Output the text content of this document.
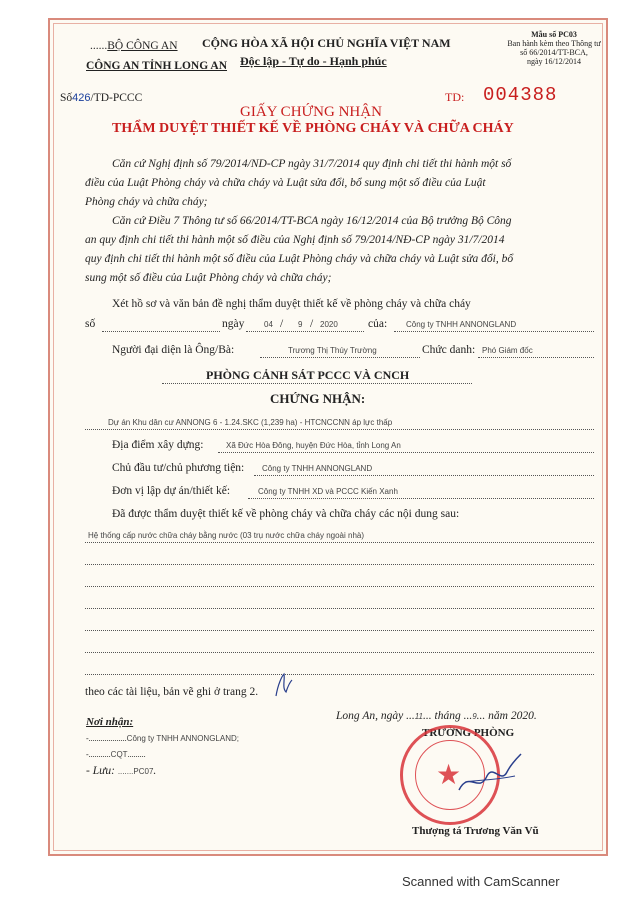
......BỘ CÔNG AN
CÔNG AN TỈNH LONG AN
Số426/TD-PCCC
CỘNG HÒA XÃ HỘI CHỦ NGHĨA VIỆT NAM
Độc lập - Tự do - Hạnh phúc
Mẫu số PC03
Ban hành kèm theo Thông tư
số 66/2014/TT-BCA,
ngày 16/12/2014
TD: 004388
GIẤY CHỨNG NHẬN
THẨM DUYỆT THIẾT KẾ VỀ PHÒNG CHÁY VÀ CHỮA CHÁY
Căn cứ Nghị định số 79/2014/ND-CP ngày 31/7/2014 quy định chi tiết thi hành một số
điều của Luật Phòng cháy và chữa cháy và Luật sửa đổi, bổ sung một số điều của Luật
Phòng cháy và chữa cháy;
Căn cứ Điều 7 Thông tư số 66/2014/TT-BCA ngày 16/12/2014 của Bộ trưởng Bộ Công
an quy định chi tiết thi hành một số điều của Nghị định số 79/2014/NĐ-CP ngày 31/7/2014
quy định chi tiết thi hành một số điều của Luật Phòng cháy và chữa cháy và Luật sửa đổi, bổ
sung một số điều của Luật Phòng cháy và chữa cháy;
Xét hồ sơ và văn bản đề nghị thẩm duyệt thiết kế về phòng cháy và chữa cháy
số	ngày 04 / 9 / 2020	của: Công ty TNHH ANNONGLAND
Người đại diện là Ông/Bà:	Trương Thị Thúy Trường	Chức danh: Phó Giám đốc
PHÒNG CẢNH SÁT PCCC VÀ CNCH
CHỨNG NHẬN:
Dự án Khu dân cư ANNONG 6 - 1.24.SKC (1,239 ha) - HTCNCCNN áp lực thấp
Địa điểm xây dựng:	Xã Đức Hòa Đông, huyện Đức Hòa, tỉnh Long An
Chủ đầu tư/chủ phương tiện: Công ty TNHH ANNONGLAND
Đơn vị lập dự án/thiết kế:	Công ty TNHH XD và PCCC Kiến Xanh
Đã được thẩm duyệt thiết kế về phòng cháy và chữa cháy các nội dung sau:
Hệ thống cấp nước chữa cháy bằng nước (03 trụ nước chữa cháy ngoài nhà)
theo các tài liệu, bản vẽ ghi ở trang 2.
Long An, ngày ...11... tháng ...9... năm 2020.
TRƯỞNG PHÒNG
★
Thượng tá Trương Văn Vũ
Nơi nhận:
-...................Công ty TNHH ANNONGLAND;
-...........CQT.........
- Lưu: .......PC07.
Scanned with CamScanner
